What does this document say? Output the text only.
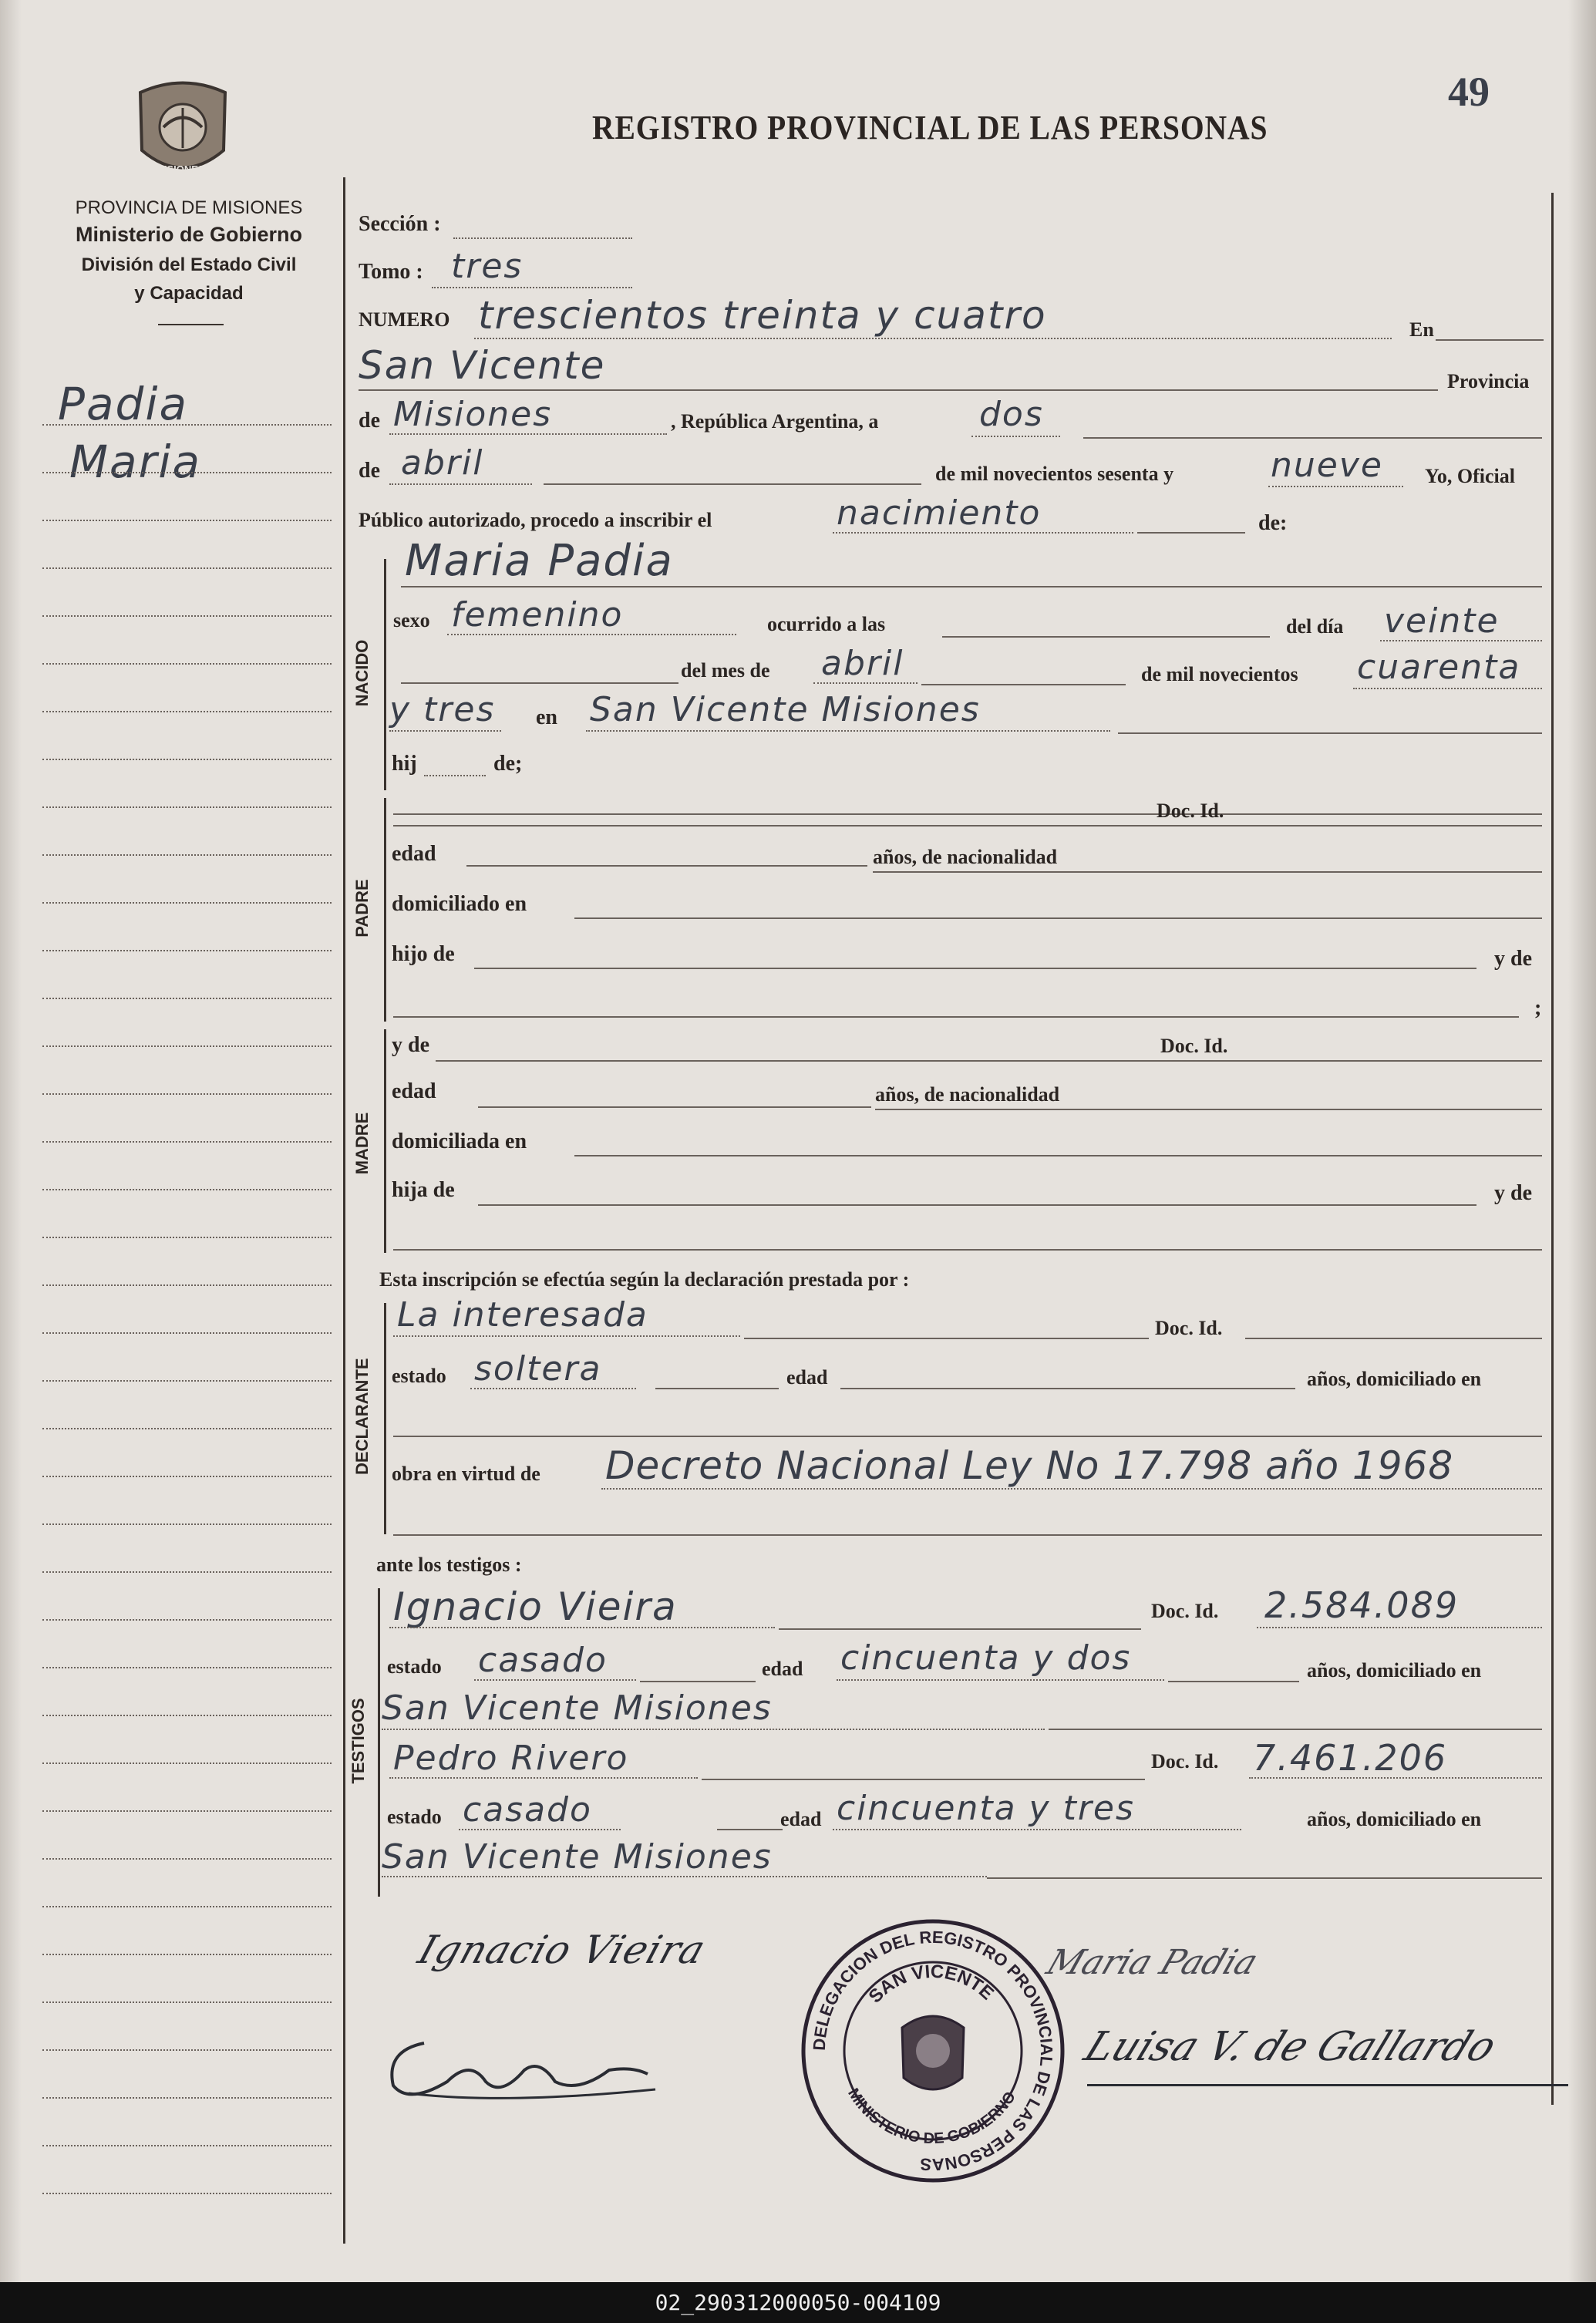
MISIONES
PROVINCIA DE MISIONES
Ministerio de Gobierno
División del Estado Civil
y Capacidad
REGISTRO PROVINCIAL DE LAS PERSONAS
49
Padia
Maria
Sección :
Tomo : tres
NUMERO trescientos treinta y cuatro	En
San Vicente	Provincia
de Misiones	, República Argentina, a	dos
de abril	de mil novecientos sesenta y	nueve Yo, Oficial
Público autorizado, procedo a inscribir el	nacimiento	de:
NACIDO
Maria Padia
sexo femenino	ocurrido a las	del día veinte
del mes de abril	de mil novecientos cuarenta
y tres en San Vicente Misiones
hij	de;
PADRE
Doc. Id.
edad	años, de nacionalidad
domiciliado en
hijo de	y de
;
MADRE
y de	Doc. Id.
edad	años, de nacionalidad
domiciliada en
hija de	y de
Esta inscripción se efectúa según la declaración prestada por :
DECLARANTE
La interesada	Doc. Id.
estado soltera	edad	años, domiciliado en
obra en virtud de Decreto Nacional Ley No 17.798 año 1968
ante los testigos :
TESTIGOS
Ignacio Vieira	Doc. Id. 2.584.089
estado casado	edad cincuenta y dos	años, domiciliado en
San Vicente Misiones
Pedro Rivero	Doc. Id. 7.461.206
estado casado	edad cincuenta y tres	años, domiciliado en
San Vicente Misiones
Ignacio Vieira	Maria Padia
Luisa V. de Gallardo
DELEGACION DEL REGISTRO PROVINCIAL DE LAS PERSONAS
SAN VICENTE
MINISTERIO DE GOBIERNO
02_290312000050-004109
